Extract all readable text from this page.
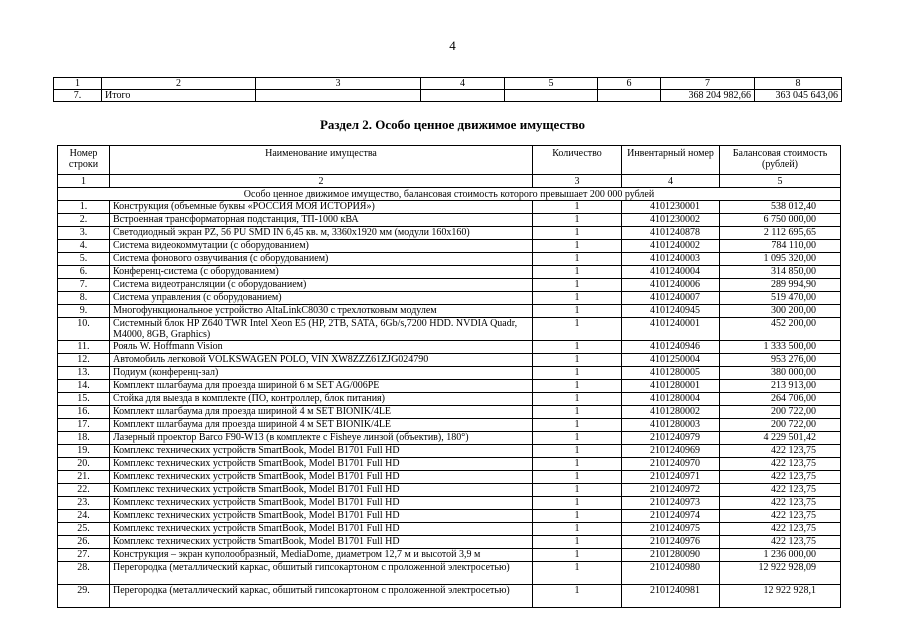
4
1	2	3	4	5	6	7	8
7.	Итого					368 204 982,66	363 045 643,06
Раздел 2. Особо ценное движимое имущество
Номер строки	Наименование имущества	Количество	Инвентарный номер	Балансовая стоимость (рублей)
1	2	3	4	5
Особо ценное движимое имущество, балансовая стоимость которого превышает 200 000 рублей				
1.	Конструкция (объемные буквы «РОССИЯ МОЯ ИСТОРИЯ»)	1	4101230001	538 012,40
2.	Встроенная трансформаторная подстанция, ТП-1000 кВА	1	4101230002	6 750 000,00
3.	Светодиодный экран PZ, 56 PU SMD IN 6,45 кв. м, 3360х1920 мм (модули 160х160)	1	4101240878	2 112 695,65
4.	Система видеокоммутации (с оборудованием)	1	4101240002	784 110,00
5.	Система фонового озвучивания (с оборудованием)	1	4101240003	1 095 320,00
6.	Конференц-система (с оборудованием)	1	4101240004	314 850,00
7.	Система видеотрансляции (с оборудованием)	1	4101240006	289 994,90
8.	Система управления (с оборудованием)	1	4101240007	519 470,00
9.	Многофункциональное устройство AltaLinkC8030 с трехлотковым модулем	1	4101240945	300 200,00
10.	Системный блок HP Z640 TWR Intel Xeon E5 (HP, 2TB, SATA, 6Gb/s,7200 HDD. NVDIA Quadr, M4000, 8GB, Graphics)	1	4101240001	452 200,00
11.	Рояль W. Hoffmann Vision	1	4101240946	1 333 500,00
12.	Автомобиль легковой VOLKSWAGEN POLO, VIN XW8ZZZ61ZJG024790	1	4101250004	953 276,00
13.	Подиум (конференц-зал)	1	4101280005	380 000,00
14.	Комплект шлагбаума для проезда шириной 6 м SET AG/006PE	1	4101280001	213 913,00
15.	Стойка для выезда в комплекте (ПО, контроллер, блок питания)	1	4101280004	264 706,00
16.	Комплект шлагбаума для проезда шириной 4 м SET BIONIK/4LE	1	4101280002	200 722,00
17.	Комплект шлагбаума для проезда шириной 4 м SET BIONIK/4LE	1	4101280003	200 722,00
18.	Лазерный проектор Barco F90-W13 (в комплекте с Fisheye линзой (объектив), 180°)	1	2101240979	4 229 501,42
19.	Комплекс технических устройств SmartBook, Model B1701 Full HD	1	2101240969	422 123,75
20.	Комплекс технических устройств SmartBook, Model B1701 Full HD	1	2101240970	422 123,75
21.	Комплекс технических устройств SmartBook, Model B1701 Full HD	1	2101240971	422 123,75
22.	Комплекс технических устройств SmartBook, Model B1701 Full HD	1	2101240972	422 123,75
23.	Комплекс технических устройств SmartBook, Model B1701 Full HD	1	2101240973	422 123,75
24.	Комплекс технических устройств SmartBook, Model B1701 Full HD	1	2101240974	422 123,75
25.	Комплекс технических устройств SmartBook, Model B1701 Full HD	1	2101240975	422 123,75
26.	Комплекс технических устройств SmartBook, Model B1701 Full HD	1	2101240976	422 123,75
27.	Конструкция – экран куполообразный, MediaDome, диаметром 12,7 м и высотой 3,9 м	1	2101280090	1 236 000,00
28.	Перегородка (металлический каркас, обшитый гипсокартоном с проложенной электросетью)	1	2101240980	12 922 928,09
29.	Перегородка (металлический каркас, обшитый гипсокартоном с проложенной электросетью)	1	2101240981	12 922 928,1
